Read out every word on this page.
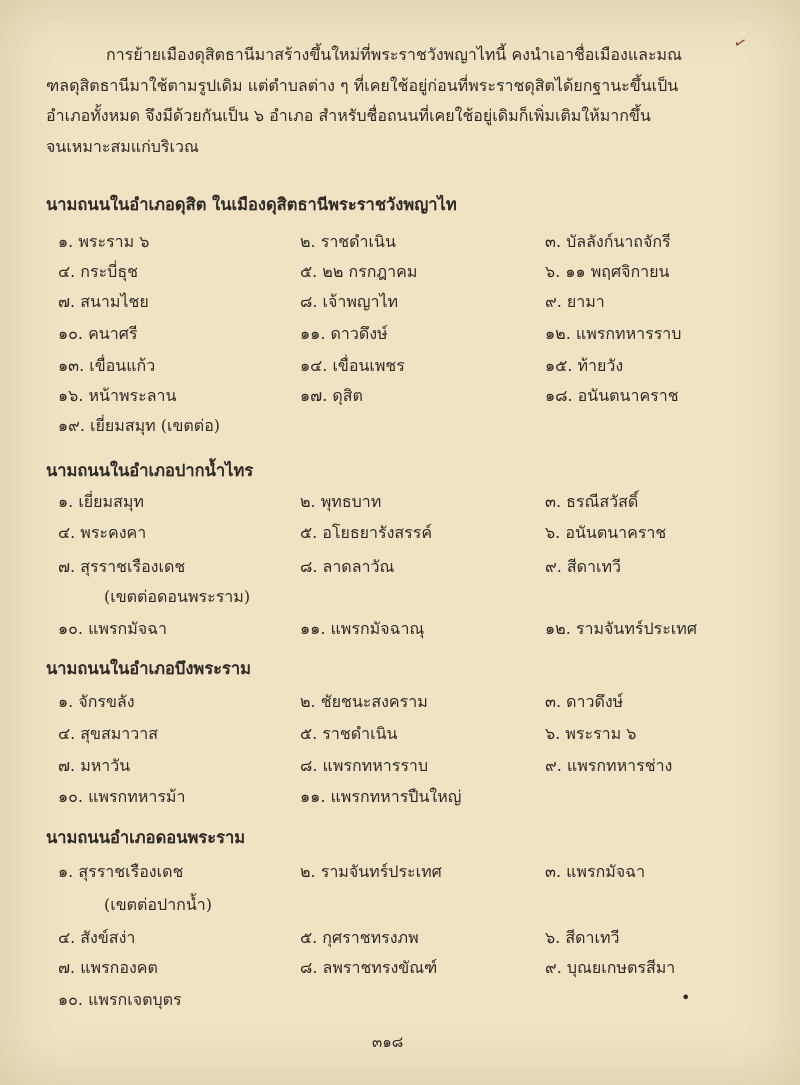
การย้ายเมืองดุสิตธานีมาสร้างขึ้นใหม่ที่พระราชวังพญาไทนี้ คงนำเอาชื่อเมืองและมณ

ฑลดุสิตธานีมาใช้ตามรูปเดิม แต่ตำบลต่าง ๆ ที่เคยใช้อยู่ก่อนที่พระราชดุสิตได้ยกฐานะขึ้นเป็น

อำเภอทั้งหมด จึงมีด้วยกันเป็น ๖ อำเภอ สำหรับชื่อถนนที่เคยใช้อยู่เดิมก็เพิ่มเติมให้มากขึ้น

จนเหมาะสมแก่บริเวณ

นามถนนในอำเภอดุสิต ในเมืองดุสิตธานีพระราชวังพญาไท
๑. พระราม ๖	๒. ราชดำเนิน	๓. บัลลังก์นาถจักรี
๔. กระบี่ธุช	๕. ๒๒ กรกฎาคม	๖. ๑๑ พฤศจิกายน
๗. สนามไชย	๘. เจ้าพญาไท	๙. ยามา
๑๐. คนาศรี	๑๑. ดาวดึงษ์	๑๒. แพรกทหารราบ
๑๓. เขื่อนแก้ว	๑๔. เขื่อนเพชร	๑๕. ท้ายวัง
๑๖. หน้าพระลาน	๑๗. ดุสิต	๑๘. อนันตนาคราช
๑๙. เยี่ยมสมุท (เขตต่อ)
นามถนนในอำเภอปากน้ำไทร
๑. เยี่ยมสมุท	๒. พุทธบาท	๓. ธรณีสวัสดิ์
๔. พระคงคา	๕. อโยธยารังสรรค์	๖. อนันตนาคราช
๗. สุรราชเรืองเดช	๘. ลาดลาวัณ	๙. สีดาเทวี
(เขตต่อดอนพระราม)
๑๐. แพรกมัจฉา	๑๑. แพรกมัจฉาณุ	๑๒. รามจันทร์ประเทศ
นามถนนในอำเภอบึงพระราม
๑. จักรขลัง	๒. ชัยชนะสงคราม	๓. ดาวดึงษ์
๔. สุขสมาวาส	๕. ราชดำเนิน	๖. พระราม ๖
๗. มหาวัน	๘. แพรกทหารราบ	๙. แพรกทหารช่าง
๑๐. แพรกทหารม้า	๑๑. แพรกทหารปืนใหญ่
นามถนนอำเภอดอนพระราม
๑. สุรราชเรืองเดช	๒. รามจันทร์ประเทศ	๓. แพรกมัจฉา
(เขตต่อปากน้ำ)
๔. สังข์สง่า	๕. กุศราชทรงภพ	๖. สีดาเทวี
๗. แพรกองคต	๘. ลพราชทรงขัณฑ์	๙. บุณยเกษตรสีมา
๑๐. แพรกเจตบุตร
✓
•
๓๑๘
